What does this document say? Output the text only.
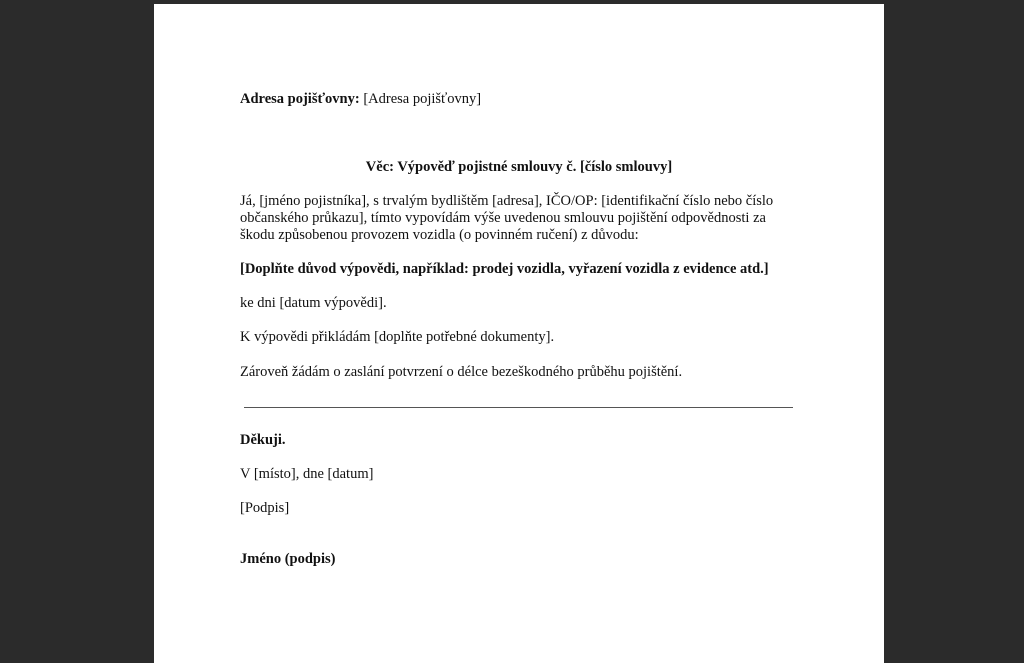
Adresa pojišťovny: [Adresa pojišťovny]
Věc: Výpověď pojistné smlouvy č. [číslo smlouvy]
Já, [jméno pojistníka], s trvalým bydlištěm [adresa], IČO/OP: [identifikační číslo nebo číslo
občanského průkazu], tímto vypovídám výše uvedenou smlouvu pojištění odpovědnosti za
škodu způsobenou provozem vozidla (o povinném ručení) z důvodu:
[Doplňte důvod výpovědi, například: prodej vozidla, vyřazení vozidla z evidence atd.]
ke dni [datum výpovědi].
K výpovědi přikládám [doplňte potřebné dokumenty].
Zároveň žádám o zaslání potvrzení o délce bezeškodného průběhu pojištění.
Děkuji.
V [místo], dne [datum]
[Podpis]
Jméno (podpis)
